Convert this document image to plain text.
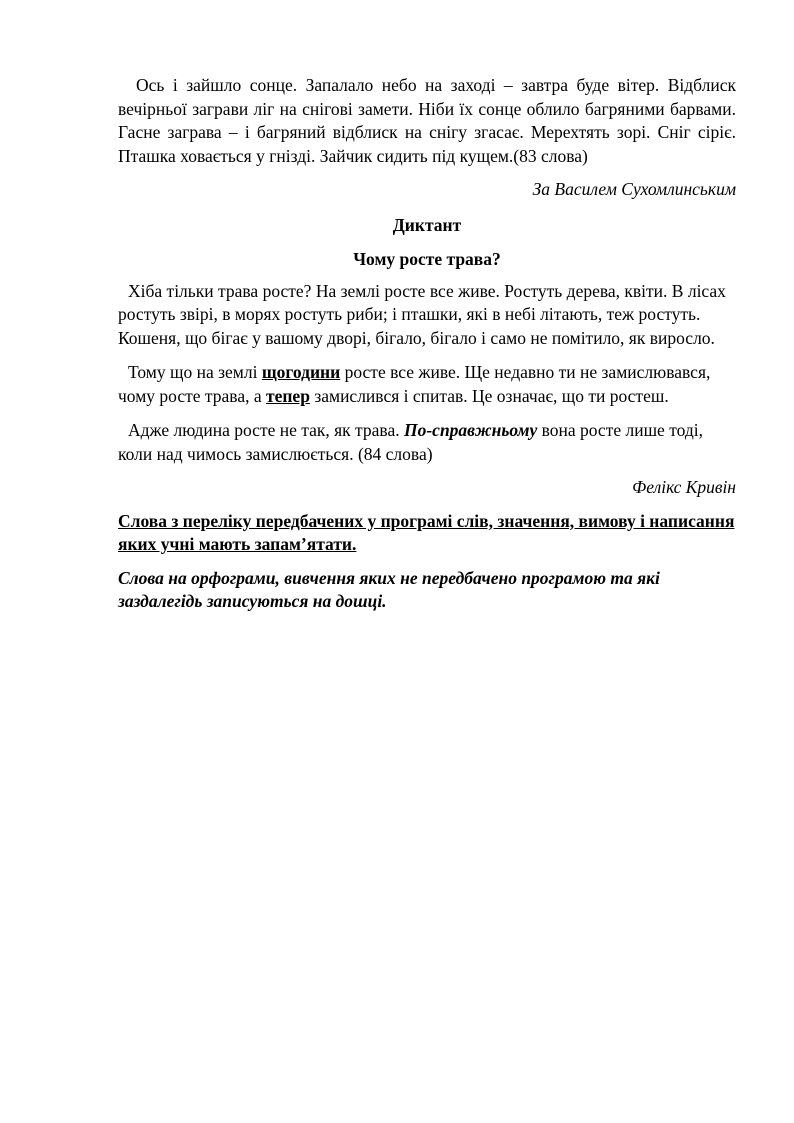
Ось і зайшло сонце. Запалало небо на заході – завтра буде вітер. Відблиск вечірньої заграви ліг на снігові замети. Ніби їх сонце облило багряними барвами. Гасне заграва – і багряний відблиск на снігу згасає. Мерехтять зорі. Сніг сіріє. Пташка ховається у гнізді. Зайчик сидить під кущем.(83 слова)

За Василем Сухомлинським

Диктант

Чому росте трава?

Хіба тільки трава росте? На землі росте все живе. Ростуть дерева, квіти. В лісах ростуть звірі, в морях ростуть риби; і пташки, які в небі літають, теж ростуть. Кошеня, що бігає у вашому дворі, бігало, бігало і само не помітило, як виросло.

Тому що на землі щогодини росте все живе. Ще недавно ти не замислювався, чому росте трава, а тепер замислився і спитав. Це означає, що ти ростеш.

Адже людина росте не так, як трава. По-справжньому вона росте лише тоді, коли над чимось замислюється. (84 слова)

Фелікс Кривін

Слова з переліку передбачених у програмі слів, значення, вимову і написання яких учні мають запам’ятати.

Слова на орфограми, вивчення яких не передбачено програмою та які заздалегідь записуються на дошці.
